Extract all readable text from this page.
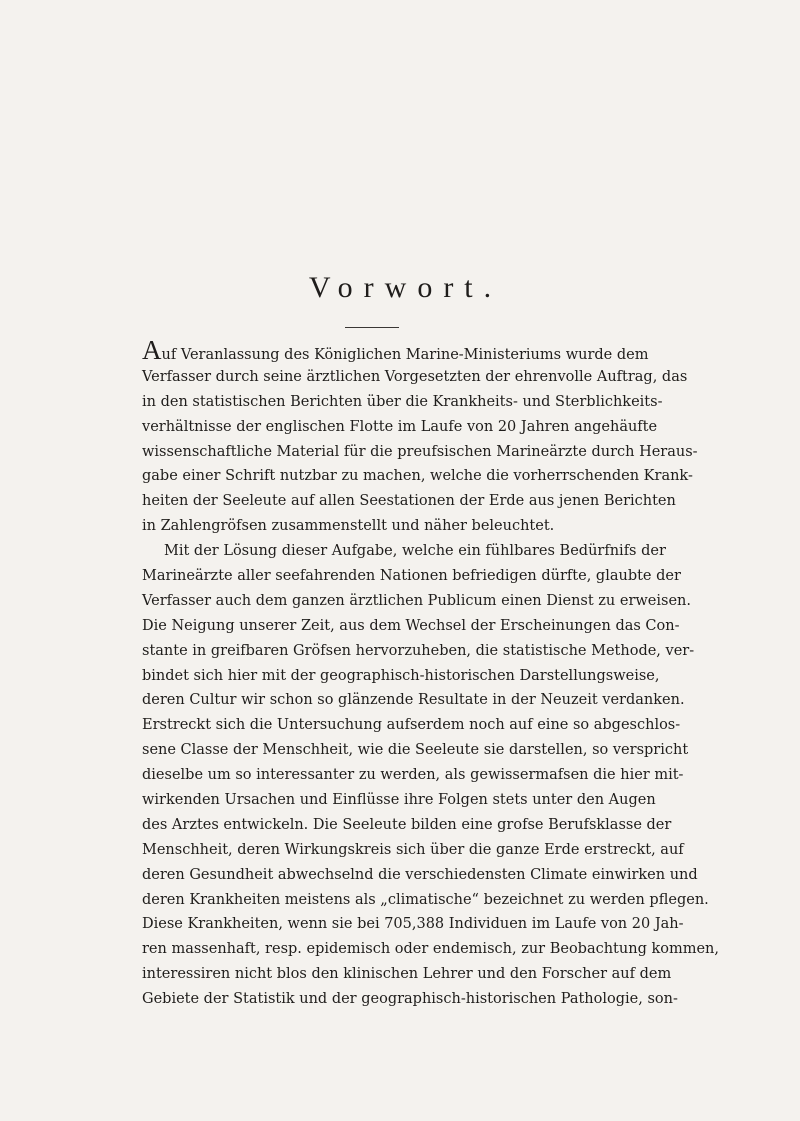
Vorwort.
Auf Veranlassung des Königlichen Marine-Ministeriums wurde dem
Verfasser durch seine ärztlichen Vorgesetzten der ehrenvolle Auftrag, das
in den statistischen Berichten über die Krankheits- und Sterblichkeits-
verhältnisse der englischen Flotte im Laufe von 20 Jahren angehäufte
wissenschaftliche Material für die preufsischen Marineärzte durch Heraus-
gabe einer Schrift nutzbar zu machen, welche die vorherrschenden Krank-
heiten der Seeleute auf allen Seestationen der Erde aus jenen Berichten
in Zahlengröfsen zusammenstellt und näher beleuchtet.
Mit der Lösung dieser Aufgabe, welche ein fühlbares Bedürfnifs der
Marineärzte aller seefahrenden Nationen befriedigen dürfte, glaubte der
Verfasser auch dem ganzen ärztlichen Publicum einen Dienst zu erweisen.
Die Neigung unserer Zeit, aus dem Wechsel der Erscheinungen das Con-
stante in greifbaren Gröfsen hervorzuheben, die statistische Methode, ver-
bindet sich hier mit der geographisch-historischen Darstellungsweise,
deren Cultur wir schon so glänzende Resultate in der Neuzeit verdanken.
Erstreckt sich die Untersuchung aufserdem noch auf eine so abgeschlos-
sene Classe der Menschheit, wie die Seeleute sie darstellen, so verspricht
dieselbe um so interessanter zu werden, als gewissermafsen die hier mit-
wirkenden Ursachen und Einflüsse ihre Folgen stets unter den Augen
des Arztes entwickeln. Die Seeleute bilden eine grofse Berufsklasse der
Menschheit, deren Wirkungskreis sich über die ganze Erde erstreckt, auf
deren Gesundheit abwechselnd die verschiedensten Climate einwirken und
deren Krankheiten meistens als „climatische“ bezeichnet zu werden pflegen.
Diese Krankheiten, wenn sie bei 705,388 Individuen im Laufe von 20 Jah-
ren massenhaft, resp. epidemisch oder endemisch, zur Beobachtung kommen,
interessiren nicht blos den klinischen Lehrer und den Forscher auf dem
Gebiete der Statistik und der geographisch-historischen Pathologie, son-
